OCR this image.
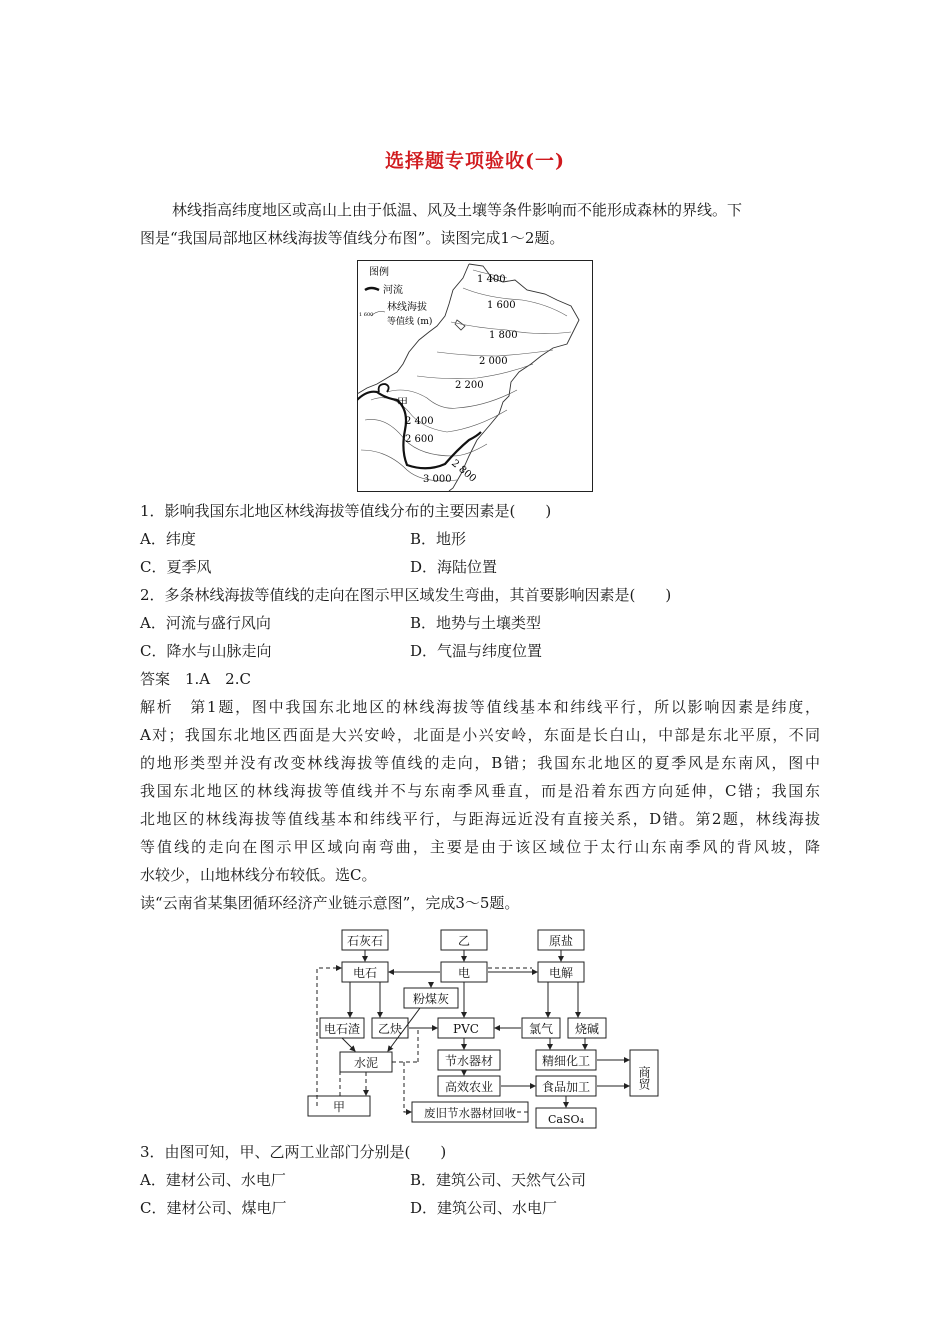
选择题专项验收(一)
林线指高纬度地区或高山上由于低温、风及土壤等条件影响而不能形成森林的界线。下
图是“我国局部地区林线海拔等值线分布图”。读图完成1～2题。
图例
河流
1 600
林线海拔
等值线 (m)
1 400
1 600
1 800
2 000
2 200
2 400
2 600
2 800
3 000
甲
1．影响我国东北地区林线海拔等值线分布的主要因素是(　　)
A．纬度	B．地形
C．夏季风	D．海陆位置
2．多条林线海拔等值线的走向在图示甲区域发生弯曲，其首要影响因素是(　　)
A．河流与盛行风向	B．地势与土壤类型
C．降水与山脉走向	D．气温与纬度位置
答案　1.A　2.C
解析　第1题，图中我国东北地区的林线海拔等值线基本和纬线平行，所以影响因素是纬度，
A对；我国东北地区西面是大兴安岭，北面是小兴安岭，东面是长白山，中部是东北平原，不同
的地形类型并没有改变林线海拔等值线的走向，B错；我国东北地区的夏季风是东南风，图中
我国东北地区的林线海拔等值线并不与东南季风垂直，而是沿着东西方向延伸，C错；我国东
北地区的林线海拔等值线基本和纬线平行，与距海远近没有直接关系，D错。第2题，林线海拔
等值线的走向在图示甲区域向南弯曲，主要是由于该区域位于太行山东南季风的背风坡，降
水较少，山地林线分布较低。选C。
读“云南省某集团循环经济产业链示意图”，完成3～5题。
石灰石	乙	原盐
电石	电	电解
粉煤灰
电石渣 乙炔	PVC	氯气 烧碱
水泥	节水器材	精细化工
高效农业	食品加工	商贸
甲	废旧节水器材回收	CaSO₄
3．由图可知，甲、乙两工业部门分别是(　　)
A．建材公司、水电厂	B．建筑公司、天然气公司
C．建材公司、煤电厂	D．建筑公司、水电厂
